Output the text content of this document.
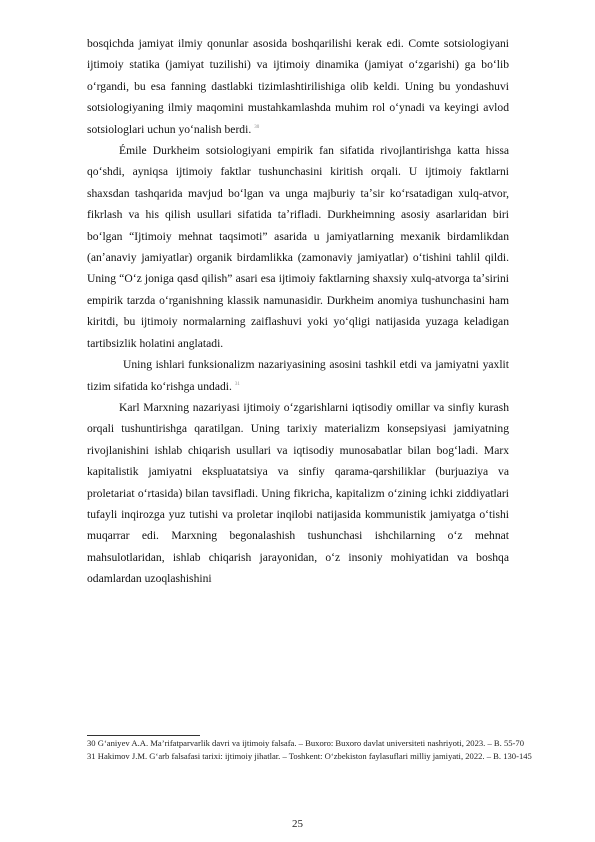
bosqichda jamiyat ilmiy qonunlar asosida boshqarilishi kerak edi. Comte sotsiologiyani ijtimoiy statika (jamiyat tuzilishi) va ijtimoiy dinamika (jamiyat oʻzgarishi) ga boʻlib oʻrgandi, bu esa fanning dastlabki tizimlashtirilishiga olib keldi. Uning bu yondashuvi sotsiologiyaning ilmiy maqomini mustahkamlashda muhim rol oʻynadi va keyingi avlod sotsiologlari uchun yoʻnalish berdi. $^{30}$

Émile Durkheim sotsiologiyani empirik fan sifatida rivojlantirishga katta hissa qoʻshdi, ayniqsa ijtimoiy faktlar tushunchasini kiritish orqali. U ijtimoiy faktlarni shaxsdan tashqarida mavjud boʻlgan va unga majburiy taʼsir koʻrsatadigan xulq-atvor, fikrlash va his qilish usullari sifatida taʼrifladi. Durkheimning asosiy asarlaridan biri boʻlgan “Ijtimoiy mehnat taqsimoti” asarida u jamiyatlarning mexanik birdamlikdan (anʼanaviy jamiyatlar) organik birdamlikka (zamonaviy jamiyatlar) oʻtishini tahlil qildi. Uning “Oʻz joniga qasd qilish” asari esa ijtimoiy faktlarning shaxsiy xulq-atvorga taʼsirini empirik tarzda oʻrganishning klassik namunasidir. Durkheim anomiya tushunchasini ham kiritdi, bu ijtimoiy normalarning zaiflashuvi yoki yoʻqligi natijasida yuzaga keladigan tartibsizlik holatini anglatadi.

Uning ishlari funksionalizm nazariyasining asosini tashkil etdi va jamiyatni yaxlit tizim sifatida koʻrishga undadi. $^{31}$

Karl Marxning nazariyasi ijtimoiy oʻzgarishlarni iqtisodiy omillar va sinfiy kurash orqali tushuntirishga qaratilgan. Uning tarixiy materializm konsepsiyasi jamiyatning rivojlanishini ishlab chiqarish usullari va iqtisodiy munosabatlar bilan bogʻladi. Marx kapitalistik jamiyatni ekspluatatsiya va sinfiy qarama-qarshiliklar (burjuaziya va proletariat oʻrtasida) bilan tavsifladi. Uning fikricha, kapitalizm oʻzining ichki ziddiyatlari tufayli inqirozga yuz tutishi va proletar inqilobi natijasida kommunistik jamiyatga oʻtishi muqarrar edi. Marxning begonalashish tushunchasi ishchilarning oʻz mehnat mahsulotlaridan, ishlab chiqarish jarayonidan, oʻz insoniy mohiyatidan va boshqa odamlardan uzoqlashishini

30 Gʻaniyev A.A. Maʼrifatparvarlik davri va ijtimoiy falsafa. – Buxoro: Buxoro davlat universiteti nashriyoti, 2023. – B. 55-70

31 Hakimov J.M. Gʻarb falsafasi tarixi: ijtimoiy jihatlar. – Toshkent: Oʻzbekiston faylasuflari milliy jamiyati, 2022. – B. 130-145

25
